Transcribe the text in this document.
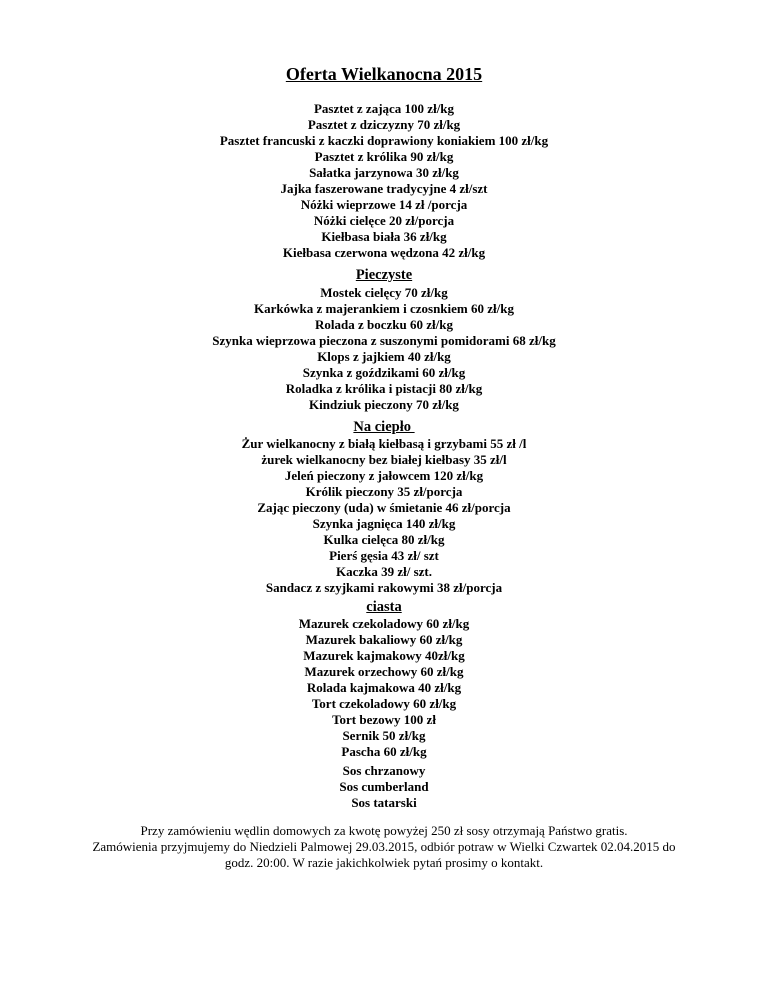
Oferta Wielkanocna 2015
Pasztet z zająca 100 zł/kg
Pasztet z dziczyzny 70 zł/kg
Pasztet francuski z kaczki doprawiony koniakiem 100 zł/kg
Pasztet z królika 90 zł/kg
Sałatka jarzynowa 30 zł/kg
Jajka faszerowane tradycyjne 4 zł/szt
Nóżki wieprzowe 14 zł /porcja
Nóżki cielęce 20 zł/porcja
Kiełbasa biała 36 zł/kg
Kiełbasa czerwona wędzona 42 zł/kg
Pieczyste
Mostek cielęcy 70 zł/kg
Karkówka z majerankiem i czosnkiem 60 zł/kg
Rolada z boczku 60 zł/kg
Szynka wieprzowa pieczona z suszonymi pomidorami 68 zł/kg
Klops z jajkiem 40 zł/kg
Szynka z goździkami 60 zł/kg
Roladka z królika i pistacji 80 zł/kg
Kindziuk pieczony 70 zł/kg
Na ciepło
Żur wielkanocny z białą kiełbasą i grzybami 55 zł /l
żurek wielkanocny bez białej kiełbasy 35 zł/l
Jeleń pieczony z jałowcem 120 zł/kg
Królik pieczony 35 zł/porcja
Zając pieczony (uda) w śmietanie 46 zł/porcja
Szynka jagnięca 140 zł/kg
Kulka cielęca 80 zł/kg
Pierś gęsia 43 zł/ szt
Kaczka 39 zł/ szt.
Sandacz z szyjkami rakowymi 38 zł/porcja
ciasta
Mazurek czekoladowy 60 zł/kg
Mazurek bakaliowy 60 zł/kg
Mazurek kajmakowy 40zł/kg
Mazurek orzechowy 60 zł/kg
Rolada kajmakowa 40 zł/kg
Tort czekoladowy 60 zł/kg
Tort bezowy 100 zł
Sernik 50 zł/kg
Pascha 60 zł/kg
Sos chrzanowy
Sos cumberland
Sos tatarski
Przy zamówieniu wędlin domowych za kwotę powyżej 250 zł sosy otrzymają Państwo gratis.
Zamówienia przyjmujemy do Niedzieli Palmowej 29.03.2015, odbiór potraw w Wielki Czwartek 02.04.2015 do
godz. 20:00. W razie jakichkolwiek pytań prosimy o kontakt.
